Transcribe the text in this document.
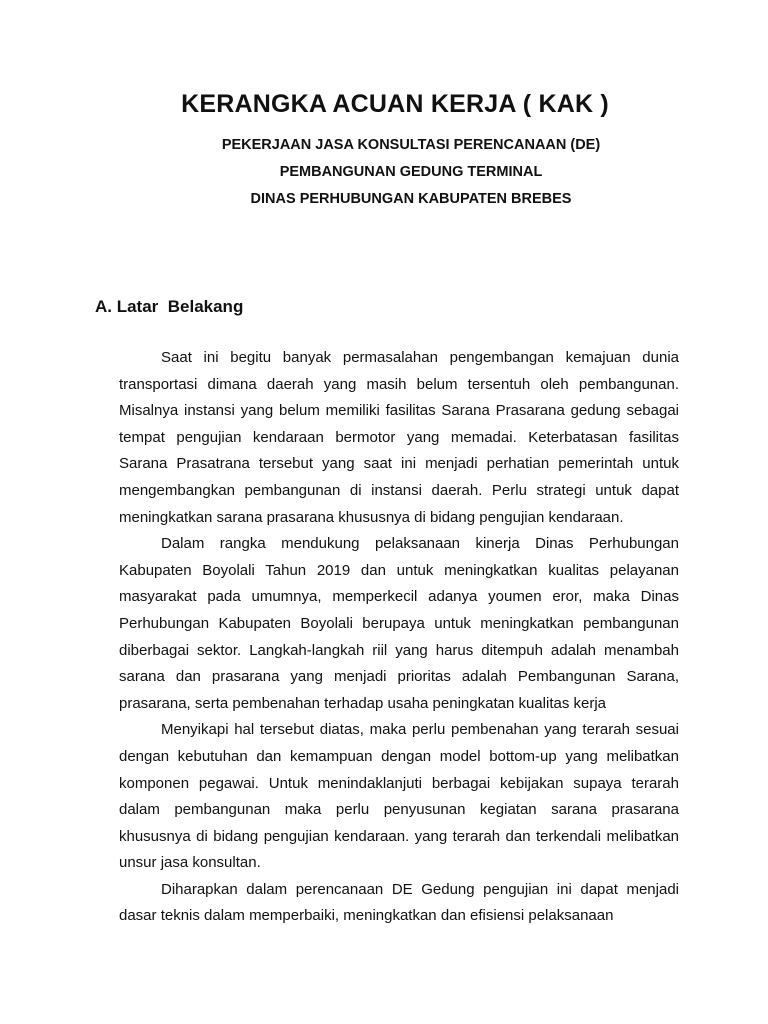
KERANGKA ACUAN KERJA ( KAK )

PEKERJAAN JASA KONSULTASI PERENCANAAN (DE)

PEMBANGUNAN GEDUNG TERMINAL

DINAS PERHUBUNGAN KABUPATEN BREBES

A. Latar  Belakang

Saat ini begitu banyak permasalahan pengembangan kemajuan dunia transportasi dimana daerah yang masih belum tersentuh oleh pembangunan. Misalnya instansi yang belum memiliki fasilitas Sarana Prasarana gedung sebagai tempat pengujian kendaraan bermotor yang memadai. Keterbatasan fasilitas Sarana Prasatrana tersebut yang saat ini menjadi perhatian pemerintah untuk mengembangkan pembangunan di instansi daerah. Perlu strategi untuk dapat meningkatkan sarana prasarana khususnya di bidang pengujian kendaraan.

Dalam rangka mendukung pelaksanaan kinerja Dinas Perhubungan Kabupaten Boyolali Tahun 2019 dan untuk meningkatkan kualitas pelayanan masyarakat pada umumnya, memperkecil adanya youmen eror, maka Dinas Perhubungan Kabupaten Boyolali berupaya untuk meningkatkan pembangunan diberbagai sektor. Langkah-langkah riil yang harus ditempuh adalah menambah sarana dan prasarana yang menjadi prioritas adalah Pembangunan Sarana, prasarana, serta pembenahan terhadap usaha peningkatan kualitas kerja

Menyikapi hal tersebut diatas, maka perlu pembenahan yang terarah sesuai dengan kebutuhan dan kemampuan dengan model bottom-up yang melibatkan komponen pegawai. Untuk menindaklanjuti berbagai kebijakan supaya terarah dalam pembangunan maka perlu penyusunan kegiatan sarana prasarana khususnya di bidang pengujian kendaraan. yang terarah dan terkendali melibatkan unsur jasa konsultan.

Diharapkan dalam perencanaan DE Gedung pengujian ini dapat menjadi dasar teknis dalam memperbaiki, meningkatkan dan efisiensi pelaksanaan
